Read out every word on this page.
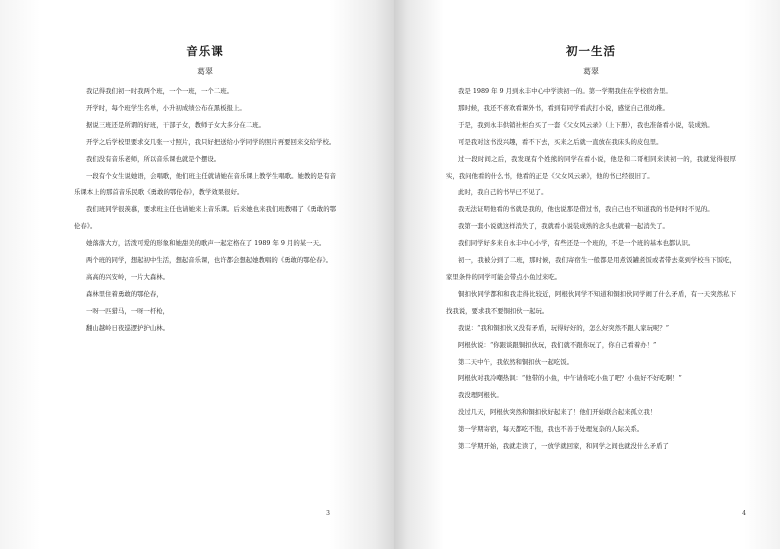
音乐课
葛翠

我记得我们初一时我两个班，一个一班，一个二班。

开学时，每个班学生名单，小升初成绩公布在黑板报上。

据说三班还是所谓的好班，干部子女，教师子女大多分在二班。

开学之后学校里要求交几张一寸照片，我只好把送给小学同学的照片再要回来交给学校。

我们没有音乐老师，所以音乐课也就是个摆设。

一段有个女生说她语，会唱歌，他们班主任就请她在音乐课上教学生唱歌。她教的是有音乐课本上的那首音乐民歌《勇敢的鄂伦春》，教学效果很好。

我们班同学很羡慕，要求班主任也请她来上音乐课。后来她也来我们班教唱了《勇敢的鄂伦春》。

她落落大方，活泼可爱的形象和她甜美的歌声一起定格在了 1989 年 9 月的某一天。

两个班的同学，想起初中生活，想起音乐课，也许都会想起她教唱的《勇敢的鄂伦春》。

高高的兴安岭，一片大森林。

森林里住着勇敢的鄂伦春，

一呀一匹猎马，一呀一杆枪，

翻山越岭日夜巡逻护护山林。

3
初一生活
葛翠

我是 1989 年 9 月到永丰中心中学读初一的。第一学期我住在学校宿舍里。

那时候，我还不喜欢看课外书，看到有同学看武打小说，感觉自己很幼稚。

于是，我到永丰供销社柜台买了一套《父女风云录》（上下册），我也准备看小说，装成熟。

可是我对这书没兴趣，看不下去，买来之后就一直放在我床头的皮包里。

过一段时间之后，我发现有个姓熊的同学在看小说，他是和二哥相同来读初一的，我就觉得很厚实，我问他看的什么书，他看的正是《父女风云录》，他的书已经很旧了。

此时，我自己的书早已不见了。

我无法证明他看的书就是我的，他也说那是借过书，我自己也不知道我的书是何时不见的。

我第一套小说就这样消失了，我就看小说装成熟的念头也就着一起消失了。

我们同学好多来自永丰中心小学，有些还是一个班的，不是一个班的基本也都认识。

初一，我被分到了二班，那时候，我们寄宿生一般都是用煮饭罐煮饭或者带去菜到学校当下饭吃，家里条件的同学可能会带点小鱼过来吃。

铜扣伙同学都和和我走得比较近，阿根伙同学不知道和铜扣伙同学闹了什么矛盾，有一天突然私下找我说，要求我不要铜扣伙一起玩。

我说：“我和铜扣伙又没有矛盾，玩得好好的，怎么好突然不跟人家玩呢？”

阿根伙说：“你跟谈跟铜扣伙玩，我们就不跟你玩了，你自己看着办！”

第二天中午，我依然和铜扣伙一起吃饭。

阿根伙对我冷嘲热讽：“他带的小鱼，中午请你吃小鱼了吧？小鱼好不好吃啊！”

我没理阿根伙。

没过几天，阿根伙突然和铜扣伙好起来了！他们开始联合起来孤立我！

第一学期寄宿，每天都吃不饱，我也不善于处理复杂的人际关系。

第二学期开始，我就走读了，一放学就回家，和同学之间也就没什么矛盾了

4
